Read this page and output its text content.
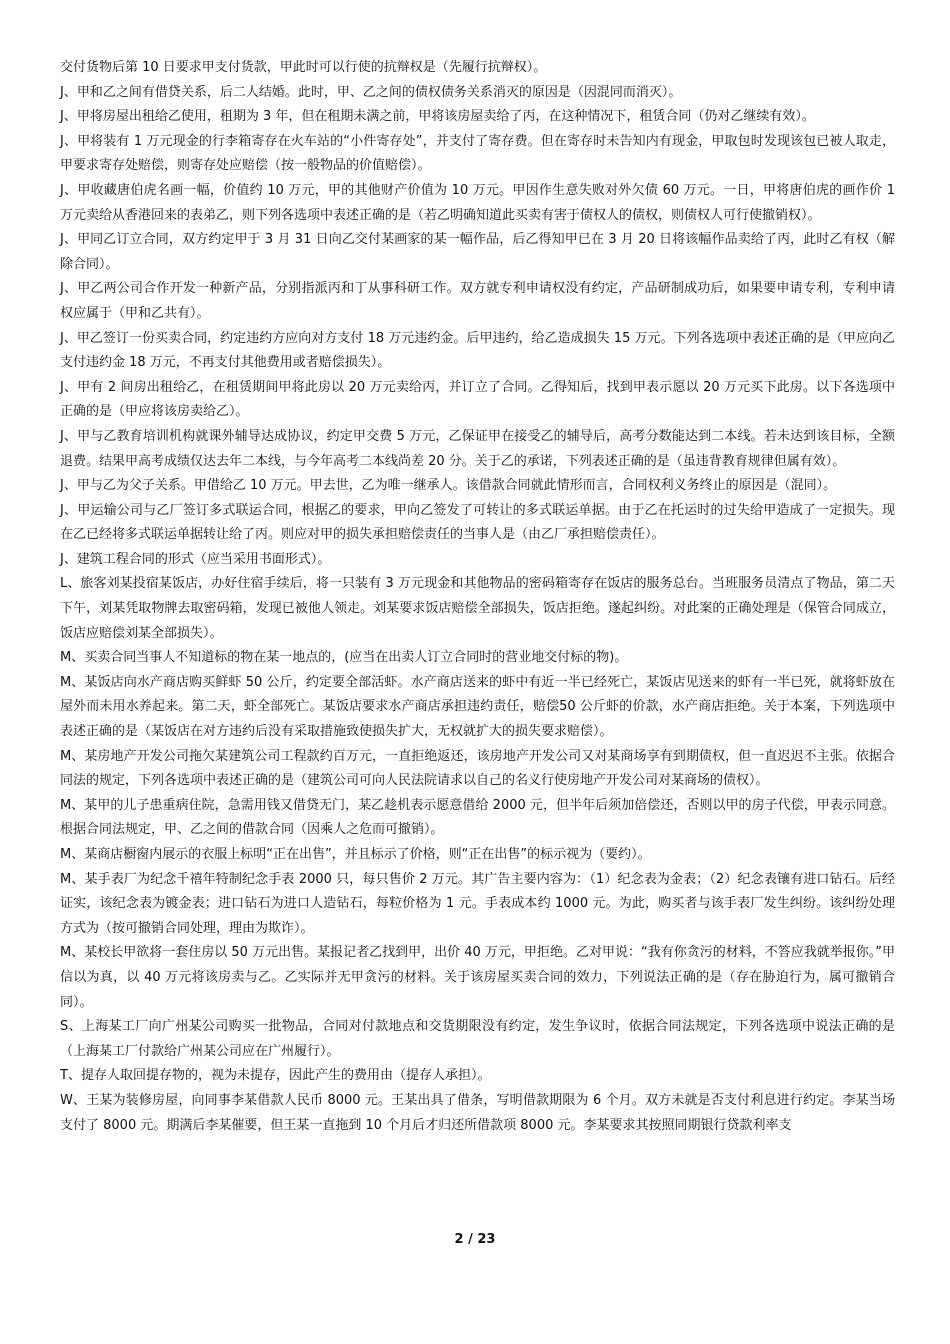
交付货物后第 10 日要求甲支付货款，甲此时可以行使的抗辩权是（先履行抗辩权）。

J、甲和乙之间有借贷关系，后二人结婚。此时，甲、乙之间的债权债务关系消灭的原因是（因混同而消灭）。

J、甲将房屋出租给乙使用，租期为 3 年，但在租期未满之前，甲将该房屋卖给了丙，在这种情况下，租赁合同（仍对乙继续有效）。

J、甲将装有 1 万元现金的行李箱寄存在火车站的“小件寄存处”，并支付了寄存费。但在寄存时未告知内有现金，甲取包时发现该包已被人取走，甲要求寄存处赔偿，则寄存处应赔偿（按一般物品的价值赔偿）。

J、甲收藏唐伯虎名画一幅，价值约 10 万元，甲的其他财产价值为 10 万元。甲因作生意失败对外欠债 60 万元。一日，甲将唐伯虎的画作价 1 万元卖给从香港回来的表弟乙，则下列各选项中表述正确的是（若乙明确知道此买卖有害于债权人的债权，则债权人可行使撤销权）。

J、甲同乙订立合同，双方约定甲于 3 月 31 日向乙交付某画家的某一幅作品，后乙得知甲已在 3 月 20 日将该幅作品卖给了丙，此时乙有权（解除合同）。

J、甲乙两公司合作开发一种新产品，分别指派丙和丁从事科研工作。双方就专利申请权没有约定，产品研制成功后，如果要申请专利，专利申请权应属于（甲和乙共有）。

J、甲乙签订一份买卖合同，约定违约方应向对方支付 18 万元违约金。后甲违约，给乙造成损失 15 万元。下列各选项中表述正确的是（甲应向乙支付违约金 18 万元，不再支付其他费用或者赔偿损失）。

J、甲有 2 间房出租给乙，在租赁期间甲将此房以 20 万元卖给丙，并订立了合同。乙得知后，找到甲表示愿以 20 万元买下此房。以下各选项中正确的是（甲应将该房卖给乙）。

J、甲与乙教育培训机构就课外辅导达成协议，约定甲交费 5 万元，乙保证甲在接受乙的辅导后，高考分数能达到二本线。若未达到该目标，全额退费。结果甲高考成绩仅达去年二本线，与今年高考二本线尚差 20 分。关于乙的承诺，下列表述正确的是（虽违背教育规律但属有效）。

J、甲与乙为父子关系。甲借给乙 10 万元。甲去世，乙为唯一继承人。该借款合同就此情形而言，合同权利义务终止的原因是（混同）。

J、甲运输公司与乙厂签订多式联运合同，根据乙的要求，甲向乙签发了可转让的多式联运单据。由于乙在托运时的过失给甲造成了一定损失。现在乙已经将多式联运单据转让给了丙。则应对甲的损失承担赔偿责任的当事人是（由乙厂承担赔偿责任）。

J、建筑工程合同的形式（应当采用书面形式）。

L、旅客刘某投宿某饭店，办好住宿手续后，将一只装有 3 万元现金和其他物品的密码箱寄存在饭店的服务总台。当班服务员清点了物品，第二天下午，刘某凭取物牌去取密码箱，发现已被他人领走。刘某要求饭店赔偿全部损失，饭店拒绝。遂起纠纷。对此案的正确处理是（保管合同成立，饭店应赔偿刘某全部损失）。

M、买卖合同当事人不知道标的物在某一地点的，(应当在出卖人订立合同时的营业地交付标的物)。

M、某饭店向水产商店购买鲜虾 50 公斤，约定要全部活虾。水产商店送来的虾中有近一半已经死亡，某饭店见送来的虾有一半已死，就将虾放在屋外而未用水养起来。第二天，虾全部死亡。某饭店要求水产商店承担违约责任，赔偿50 公斤虾的价款，水产商店拒绝。关于本案，下列选项中表述正确的是（某饭店在对方违约后没有采取措施致使损失扩大，无权就扩大的损失要求赔偿）。

M、某房地产开发公司拖欠某建筑公司工程款约百万元，一直拒绝返还，该房地产开发公司又对某商场享有到期债权，但一直迟迟不主张。依据合同法的规定，下列各选项中表述正确的是（建筑公司可向人民法院请求以自己的名义行使房地产开发公司对某商场的债权）。

M、某甲的儿子患重病住院，急需用钱又借贷无门，某乙趁机表示愿意借给 2000 元，但半年后须加倍偿还，否则以甲的房子代偿，甲表示同意。根据合同法规定，甲、乙之间的借款合同（因乘人之危而可撤销）。

M、某商店橱窗内展示的衣服上标明“正在出售”，并且标示了价格，则“正在出售”的标示视为（要约）。

M、某手表厂为纪念千禧年特制纪念手表 2000 只，每只售价 2 万元。其广告主要内容为：（1）纪念表为金表；（2）纪念表镶有进口钻石。后经证实，该纪念表为镀金表；进口钻石为进口人造钻石，每粒价格为 1 元。手表成本约 1000 元。为此，购买者与该手表厂发生纠纷。该纠纷处理方式为（按可撤销合同处理，理由为欺诈）。

M、某校长甲欲将一套住房以 50 万元出售。某报记者乙找到甲，出价 40 万元，甲拒绝。乙对甲说：“我有你贪污的材料，不答应我就举报你。”甲信以为真，以 40 万元将该房卖与乙。乙实际并无甲贪污的材料。关于该房屋买卖合同的效力，下列说法正确的是（存在胁迫行为，属可撤销合同）。

S、上海某工厂向广州某公司购买一批物品，合同对付款地点和交货期限没有约定，发生争议时，依据合同法规定，下列各选项中说法正确的是（上海某工厂付款给广州某公司应在广州履行）。

T、提存人取回提存物的，视为未提存，因此产生的费用由（提存人承担）。

W、王某为装修房屋，向同事李某借款人民币 8000 元。王某出具了借条，写明借款期限为 6 个月。双方未就是否支付利息进行约定。李某当场支付了 8000 元。期满后李某催要，但王某一直拖到 10 个月后才归还所借款项 8000 元。李某要求其按照同期银行贷款利率支

2 / 23
